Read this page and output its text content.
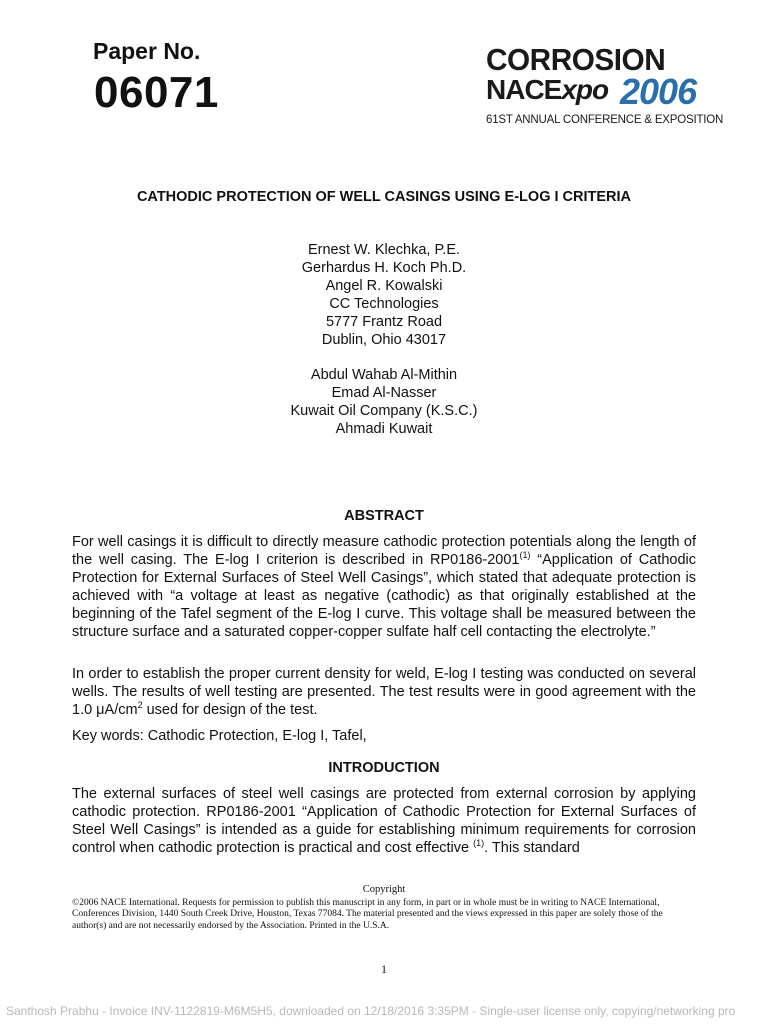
Paper No.
06071
CORROSION
NACExpo 2006
61ST ANNUAL CONFERENCE & EXPOSITION
CATHODIC PROTECTION OF WELL CASINGS USING E-LOG I CRITERIA
Ernest W. Klechka, P.E.
Gerhardus H. Koch Ph.D.
Angel R. Kowalski
CC Technologies
5777 Frantz Road
Dublin, Ohio 43017
Abdul Wahab Al-Mithin
Emad Al-Nasser
Kuwait Oil Company (K.S.C.)
Ahmadi Kuwait
ABSTRACT
For well casings it is difficult to directly measure cathodic protection potentials along the length of the well casing. The E-log I criterion is described in RP0186-2001$^{(1)}$ “Application of Cathodic Protection for External Surfaces of Steel Well Casings”, which stated that adequate protection is achieved with “a voltage at least as negative (cathodic) as that originally established at the beginning of the Tafel segment of the E-log I curve. This voltage shall be measured between the structure surface and a saturated copper-copper sulfate half cell contacting the electrolyte.”
In order to establish the proper current density for weld, E-log I testing was conducted on several wells. The results of well testing are presented. The test results were in good agreement with the 1.0 $\mu A/cm^2$ used for design of the test.
Key words: Cathodic Protection, E-log I, Tafel,
INTRODUCTION
The external surfaces of steel well casings are protected from external corrosion by applying cathodic protection. RP0186-2001 “Application of Cathodic Protection for External Surfaces of Steel Well Casings” is intended as a guide for establishing minimum requirements for corrosion control when cathodic protection is practical and cost effective $^{(1)}$. This standard
Copyright
©2006 NACE International. Requests for permission to publish this manuscript in any form, in part or in whole must be in writing to NACE International, Conferences Division, 1440 South Creek Drive, Houston, Texas 77084. The material presented and the views expressed in this paper are solely those of the author(s) and are not necessarily endorsed by the Association. Printed in the U.S.A.
1
Santhosh Prabhu - Invoice INV-1122819-M6M5H5, downloaded on 12/18/2016 3:35PM - Single-user license only, copying/networking pro
